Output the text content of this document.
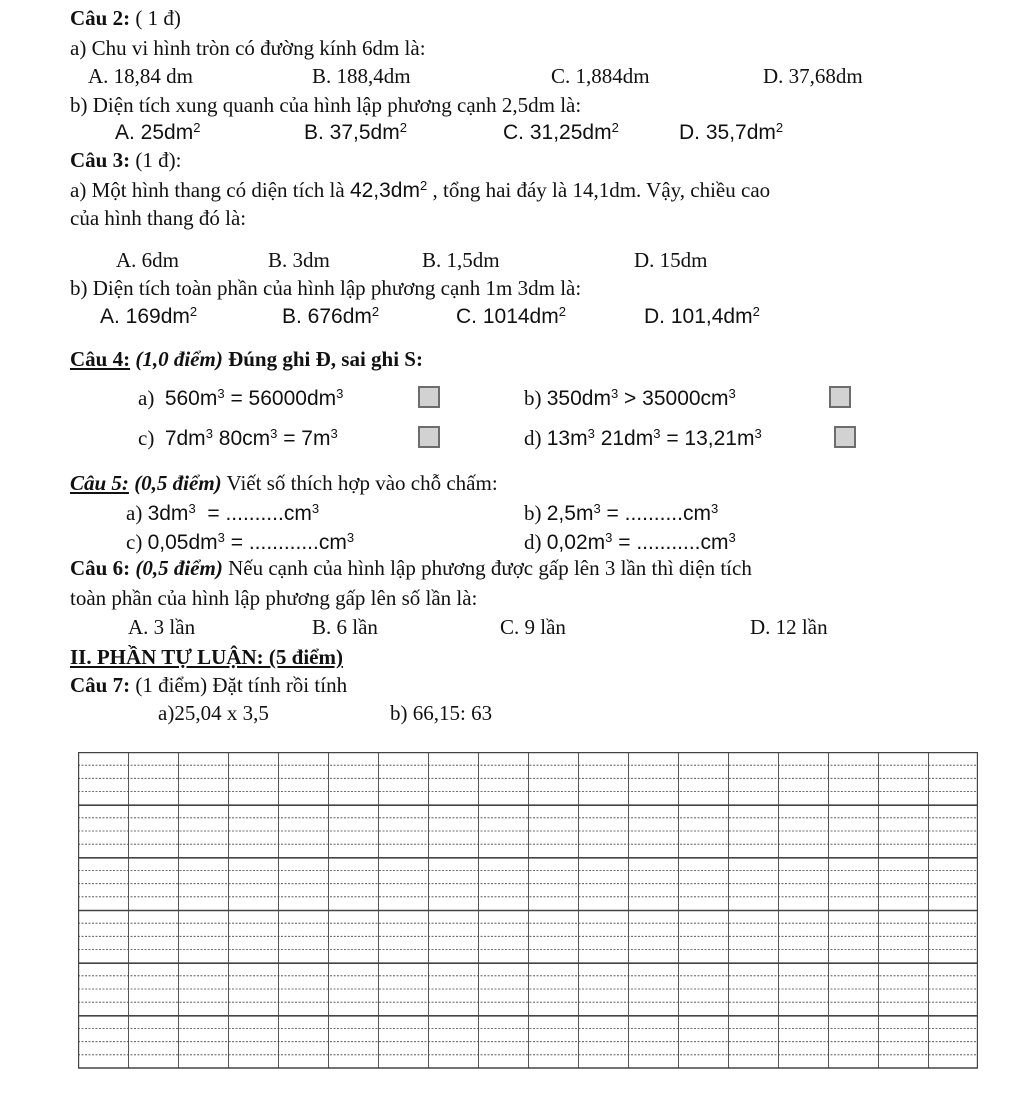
Câu 2: ( 1 đ)
a) Chu vi hình tròn có đường kính 6dm là:
A. 18,84 dm	B. 188,4dm	C. 1,884dm	D. 37,68dm
b) Diện tích xung quanh của hình lập phương cạnh 2,5dm là:
A. $25dm^2$	B. $37,5dm^2$	C. $31,25dm^2$	D. $35,7dm^2$
Câu 3: (1 đ):
a) Một hình thang có diện tích là $42,3dm^2$ , tổng hai đáy là 14,1dm. Vậy, chiều cao
của hình thang đó là:
A. 6dm	B. 3dm	B. 1,5dm	D. 15dm
b) Diện tích toàn phần của hình lập phương cạnh 1m 3dm là:
A. $169dm^2$	B. $676dm^2$	C. $1014dm^2$	D. $101,4dm^2$
Câu 4: (1,0 điểm) Đúng ghi Đ, sai ghi S:
a) $560m^3 = 56000dm^3$	b) $350dm^3 > 35000cm^3$
c) $7dm^3$ $80cm^3 = 7m^3$	d) $13m^3$ $21dm^3 = 13,21m^3$
Câu 5: (0,5 điểm) Viết số thích hợp vào chỗ chấm:
a) $3dm^3 = ..........cm^3$	b) $2,5m^3 = ..........cm^3$
c) $0,05dm^3 = ............cm^3$	d) $0,02m^3 = ...........cm^3$
Câu 6: (0,5 điểm) Nếu cạnh của hình lập phương được gấp lên 3 lần thì diện tích
toàn phần của hình lập phương gấp lên số lần là:
A. 3 lần	B. 6 lần	C. 9 lần	D. 12 lần
II. PHẦN TỰ LUẬN: (5 điểm)
Câu 7: (1 điểm) Đặt tính rồi tính
a)25,04 x 3,5	b) 66,15: 63
